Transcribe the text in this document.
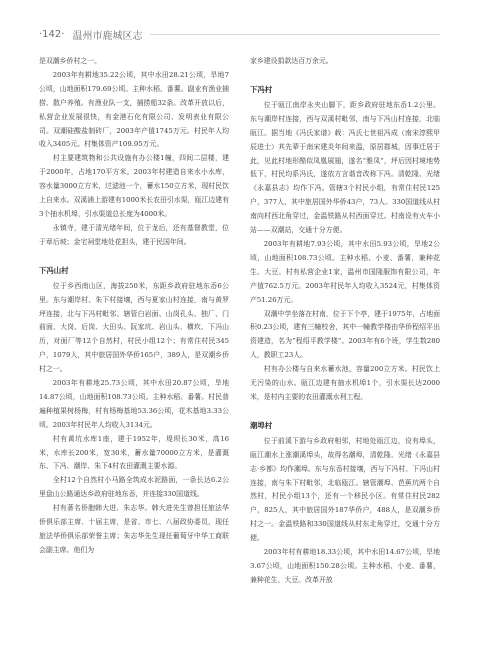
·142· 温州市鹿城区志

是双潮乡侨村之一。

2003年有耕地35.22公顷，其中水田28.21公顷，旱地7公顷，山地面积179.69公顷。主种水稻、番薯。副业有渔业捕捞、散户养殖。有渔业队一支，捕捞船32条。改革开放以后，私营企业发展很快，有金港石化有限公司、发明表业有限公司。双潮硅酸盐制砖厂，2003年产值1745万元。村民年人均收入3405元。村集体资产109.95万元。

村主要建筑物和公共设施有办公楼1幢，四间二层楼，建于2000年，占地170平方米。2003年村建造自来水小水库，容水量3000立方米，过滤池一个，蓄水150立方米，现村民饮上自来水。双溪浦上游建有1000米长农田引水渠，瓯江边建有3个抽水机埠，引水渠道总长度为4000米。

永镇寺，建于清光绪年间，位于龙后，还有基督教堂，位于章后坡；金宅祠堂地处花担头，建于民国年间。

下冯山村

位于乡西南山区，海拔250米，东距乡政府驻地东岙6公里。东与潮岸村、朱下村接壤，西与夏家山村连接，南与黄罗坪连接，北与下冯村毗邻。辖管白岩面、山岗孔头、独厂、门前面、大岗、后岗、大田头、阮家坑、岩山头、横坎、下冯山历，对面厂等12个自然村，村民小组12个；有常住村民345户，1079人，其中旅居国外华侨165户，389人，是双潮乡侨村之一。

2003年有耕地25.73公顷，其中水田20.87公顷，旱地14.87公顷，山地面积108.73公顷。主种水稻、番薯。村民普遍种植果树杨梅，村有杨梅基地53.36公顷，花木基地3.33公顷。2003年村民年人均收入3134元。

村有黄坑水库1座，建于1952年，堤坝长30米，高16米，水库长200米，宽30米，蓄水量70000立方米，是灌溉东、下冯、潮岸、朱下4村农田灌溉主要水源。

全村12个自然村小马路全筑成水泥路面，一条长达6.2公里盘山公路通达乡政府驻地东岙，并连接330国道线。

村有著名侨胞韩大进、朱志华。韩大进先生曾担任旅法华侨俱乐部主席、十届主席，是省、市七、八届政协委员，现任旅法华侨俱乐部荣誉主席；朱志华先生现任葡萄牙中华工商联会副主席。他们为

家乡建设捐款达百万余元。

下冯村

位于瓯江南岸永夹山脚下，距乡政府驻地东岙1.2公里。东与潮岸村连接，西与双溪村毗邻，南与下冯山村连接，北临瓯江。据当地《冯氏家谱》载：冯氏七世祖冯成（南宋淳熙甲辰进士）其先辈于南宋建炎年间来温，原居郡城，因事迁居于此，见此村地形酷似凤凰展翅，遂名“雅凤”，坪后因村境地势低下，村民均系冯氏，遂依方言谐音改称下冯。清乾隆、光绪《永嘉县志》均作下冯。管辖3个村民小组，有常住村民125户，377人，其中旅居国外华侨43户，73人。330国道线从村南向村西北角穿过，金温铁路从村西面穿过。村南设有火车小站——双潮站，交通十分方便。

2003年有耕地7.93公顷，其中水田5.93公顷，旱地2公顷，山地面积108.73公顷。主种水稻、小麦、番薯，兼种花生、大豆。村有私营企业1家，温州市国隆服饰有限公司，年产值762.5万元。2003年村民年人均收入3524元，村集体资产51.26万元。

双潮中学坐落在村南，位于下个亭，建于1975年，占地面积0.23公顷，建有三幢校舍，其中一幢教学楼由华侨程绍平出资建造，名为“程绍平教学楼”。2003年有6个班，学生数280人，教职工23人。

村有办公楼与自来水蓄水池，容量200立方米。村民饮上无污染的山水。瓯江边建有抽水机埠1个，引水渠长达2000米，是村内主要的农田灌溉水利工程。

潮埠村

位于前溪下游与乡政府相邻，村地处瓯江边，设有埠头，瓯江潮水上涨潮溪埠头，故得名潮埠，清乾隆、光绪《永嘉县志·乡都》均作潮埠。东与东岙村接壤，西与下冯村、下冯山村连接，南与朱下村毗邻，北临瓯江。辖管潮埠、芭蕉坑两个自然村，村民小组13个，还有一个移民小区。有常住村民282户，825人，其中旅居国外187华侨户，488人，是双潮乡侨村之一。金温铁路和330国道线从村东北角穿过，交通十分方便。

2003年村有耕地18.33公顷，其中水田14.67公顷，旱地3.67公顷，山地面积150.28公顷。主种水稻、小麦、番薯，兼种花生、大豆。改革开放
